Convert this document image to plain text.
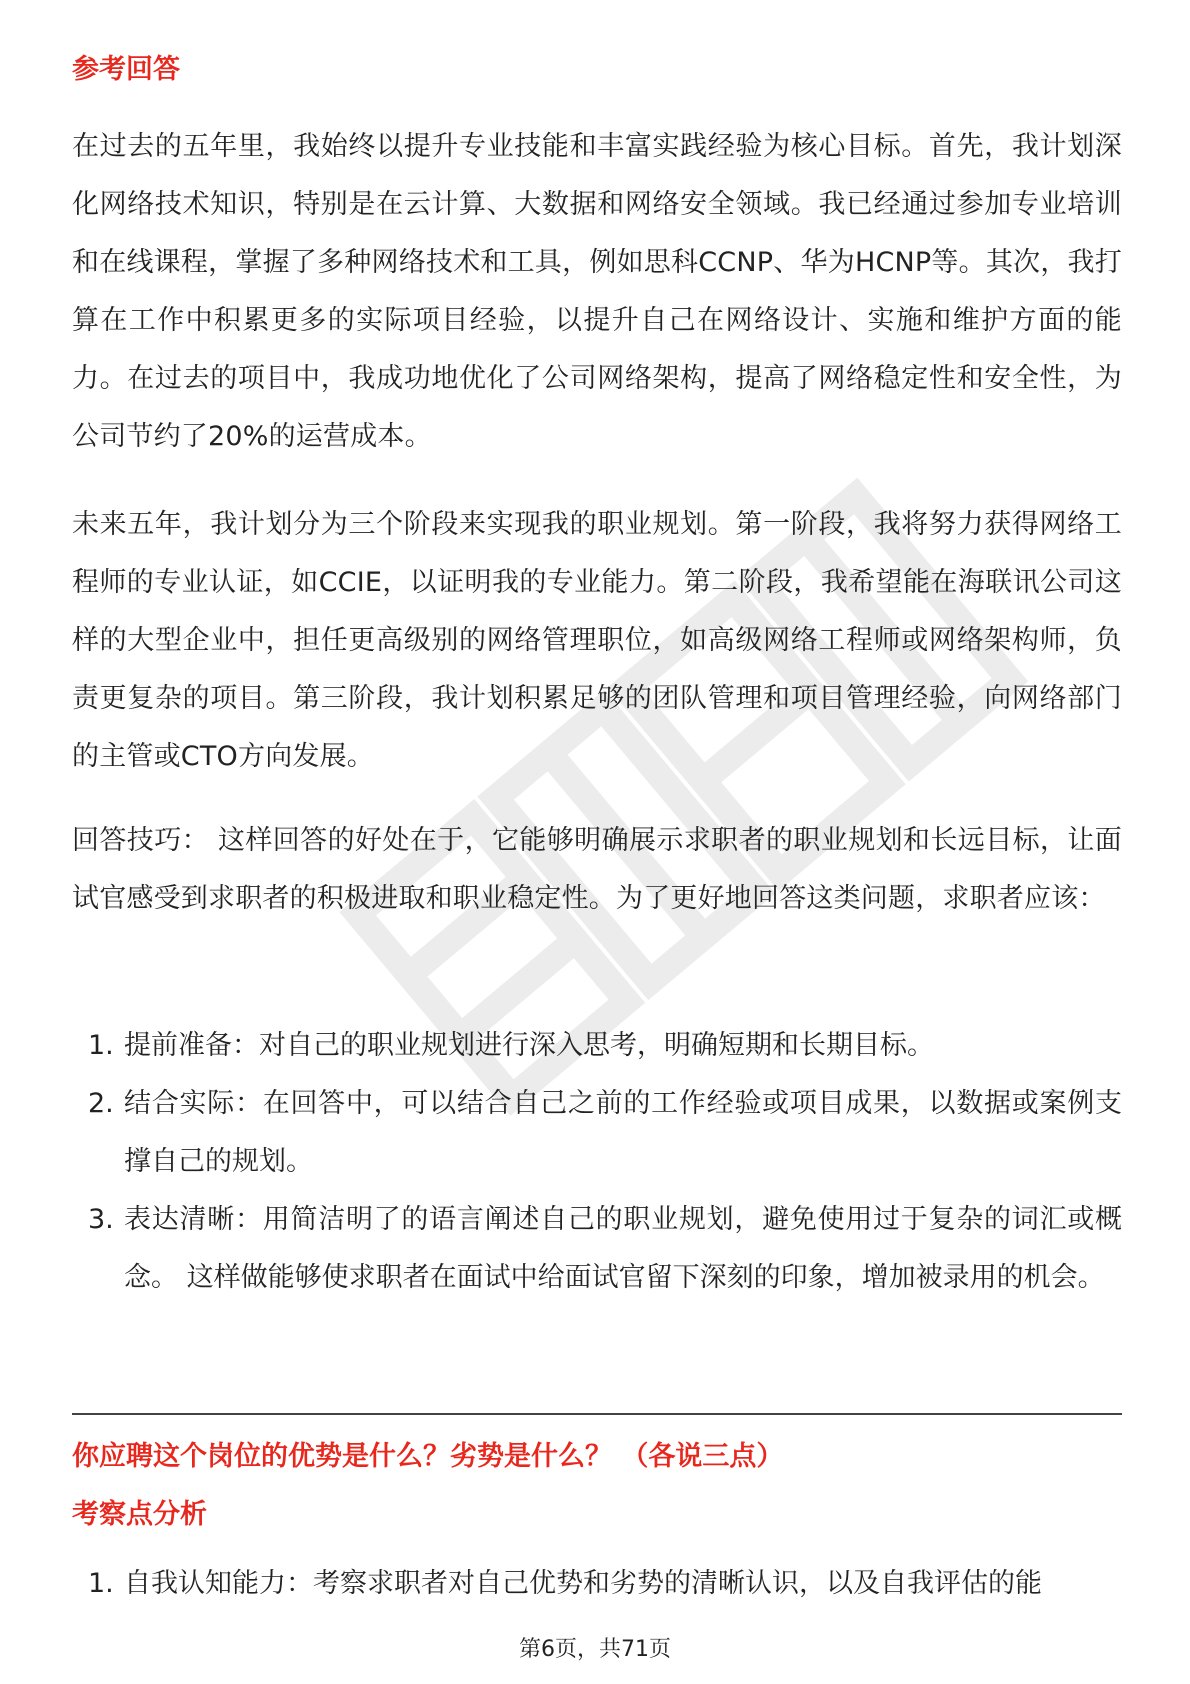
参考回答

在过去的五年里，我始终以提升专业技能和丰富实践经验为核心目标。首先，我计划深化网络技术知识，特别是在云计算、大数据和网络安全领域。我已经通过参加专业培训和在线课程，掌握了多种网络技术和工具，例如思科CCNP、华为HCNP等。其次，我打算在工作中积累更多的实际项目经验，以提升自己在网络设计、实施和维护方面的能力。在过去的项目中，我成功地优化了公司网络架构，提高了网络稳定性和安全性，为公司节约了20%的运营成本。

未来五年，我计划分为三个阶段来实现我的职业规划。第一阶段，我将努力获得网络工程师的专业认证，如CCIE，以证明我的专业能力。第二阶段，我希望能在海联讯公司这样的大型企业中，担任更高级别的网络管理职位，如高级网络工程师或网络架构师，负责更复杂的项目。第三阶段，我计划积累足够的团队管理和项目管理经验，向网络部门的主管或CTO方向发展。

回答技巧： 这样回答的好处在于，它能够明确展示求职者的职业规划和长远目标，让面试官感受到求职者的积极进取和职业稳定性。为了更好地回答这类问题，求职者应该：

1. 提前准备：对自己的职业规划进行深入思考，明确短期和长期目标。
2. 结合实际：在回答中，可以结合自己之前的工作经验或项目成果，以数据或案例支撑自己的规划。
3. 表达清晰：用简洁明了的语言阐述自己的职业规划，避免使用过于复杂的词汇或概念。 这样做能够使求职者在面试中给面试官留下深刻的印象，增加被录用的机会。
你应聘这个岗位的优势是什么？劣势是什么？ （各说三点）
考察点分析
1. 自我认知能力：考察求职者对自己优势和劣势的清晰认识，以及自我评估的能
第6页，共71页
